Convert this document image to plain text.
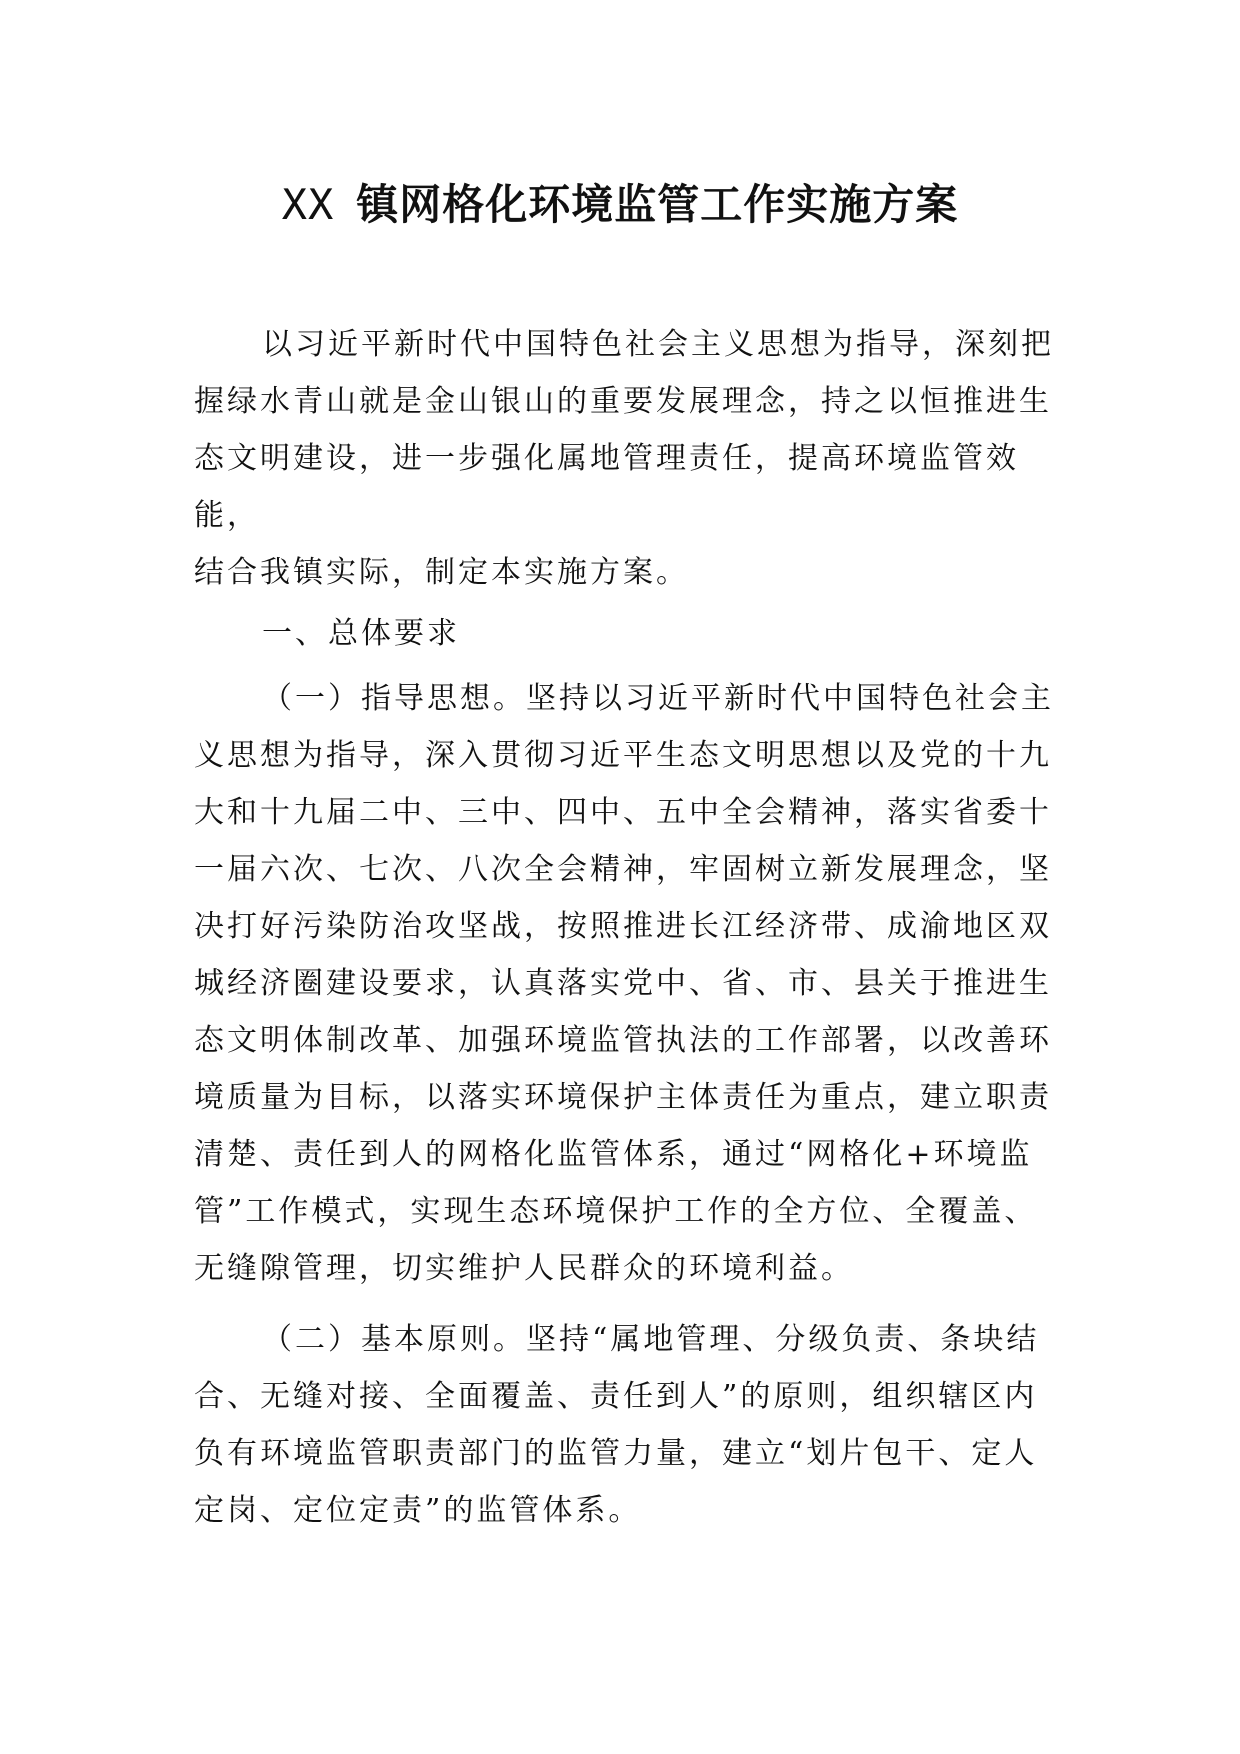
XX 镇网格化环境监管工作实施方案

以习近平新时代中国特色社会主义思想为指导，深刻把握绿水青山就是金山银山的重要发展理念，持之以恒推进生态文明建设，进一步强化属地管理责任，提高环境监管效

能，

结合我镇实际，制定本实施方案。

一、总体要求

（一）指导思想。坚持以习近平新时代中国特色社会主义思想为指导，深入贯彻习近平生态文明思想以及党的十九大和十九届二中、三中、四中、五中全会精神，落实省委十一届六次、七次、八次全会精神，牢固树立新发展理念，坚决打好污染防治攻坚战，按照推进长江经济带、成渝地区双城经济圈建设要求，认真落实党中、省、市、县关于推进生态文明体制改革、加强环境监管执法的工作部署，以改善环境质量为目标，以落实环境保护主体责任为重点，建立职责清楚、责任到人的网格化监管体系，通过“网格化+环境监管”工作模式，实现生态环境保护工作的全方位、全覆盖、无缝隙管理，切实维护人民群众的环境利益。

（二）基本原则。坚持“属地管理、分级负责、条块结合、无缝对接、全面覆盖、责任到人”的原则，组织辖区内负有环境监管职责部门的监管力量，建立“划片包干、定人定岗、定位定责”的监管体系。
